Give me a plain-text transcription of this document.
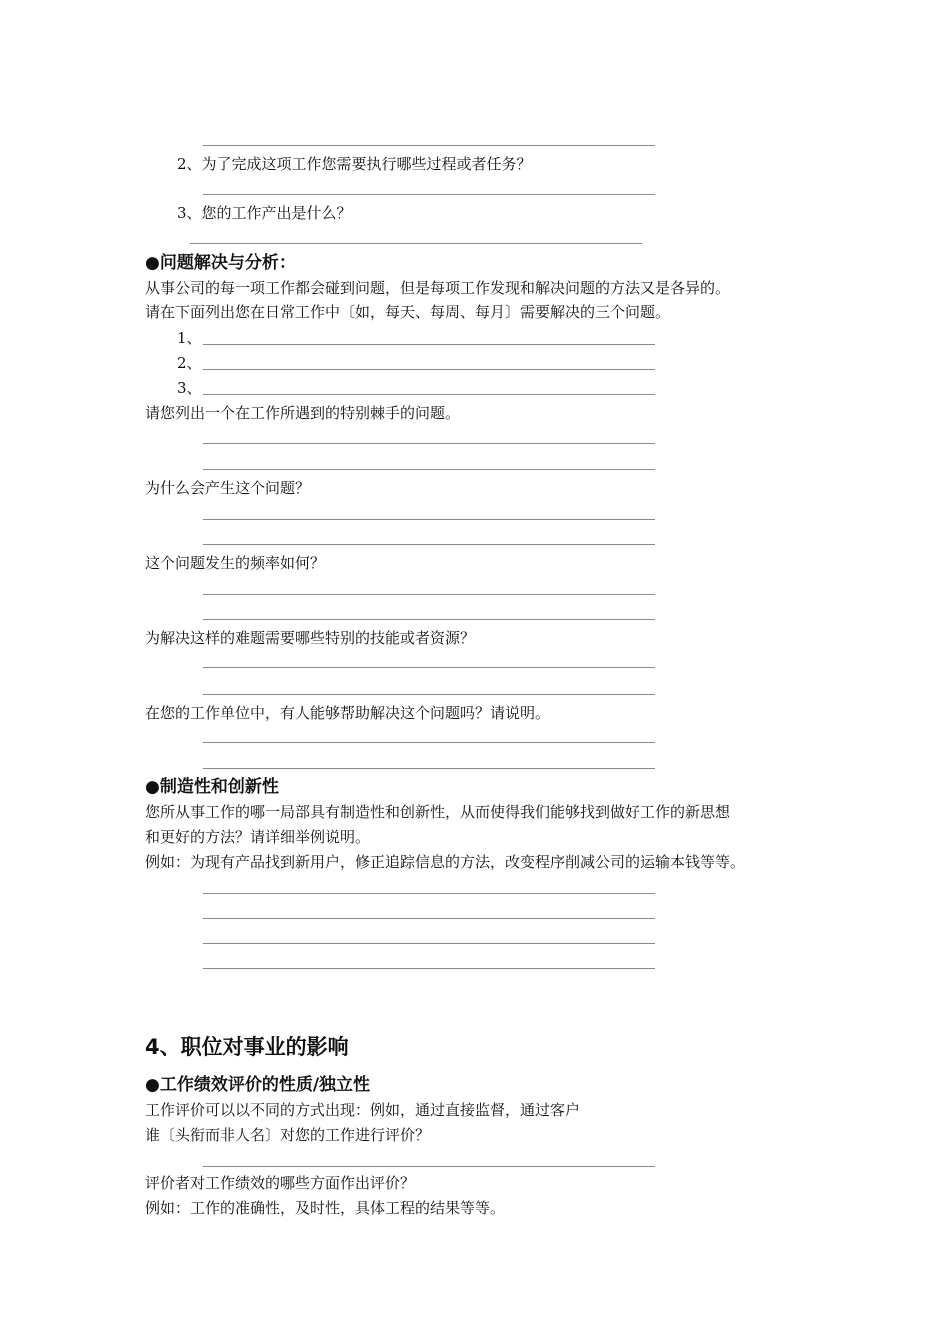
2、为了完成这项工作您需要执行哪些过程或者任务？
3、您的工作产出是什么？
●问题解决与分析：
从事公司的每一项工作都会碰到问题，但是每项工作发现和解决问题的方法又是各异的。
请在下面列出您在日常工作中〔如，每天、每周、每月〕需要解决的三个问题。
1、
2、
3、
请您列出一个在工作所遇到的特别棘手的问题。
为什么会产生这个问题？
这个问题发生的频率如何？
为解决这样的难题需要哪些特别的技能或者资源？
在您的工作单位中，有人能够帮助解决这个问题吗？请说明。
●制造性和创新性
您所从事工作的哪一局部具有制造性和创新性，从而使得我们能够找到做好工作的新思想
和更好的方法？请详细举例说明。
例如：为现有产品找到新用户，修正追踪信息的方法，改变程序削减公司的运输本钱等等。
4、职位对事业的影响
●工作绩效评价的性质/独立性
工作评价可以以不同的方式出现：例如，通过直接监督，通过客户
谁〔头衔而非人名〕对您的工作进行评价？
评价者对工作绩效的哪些方面作出评价？
例如：工作的准确性，及时性，具体工程的结果等等。
